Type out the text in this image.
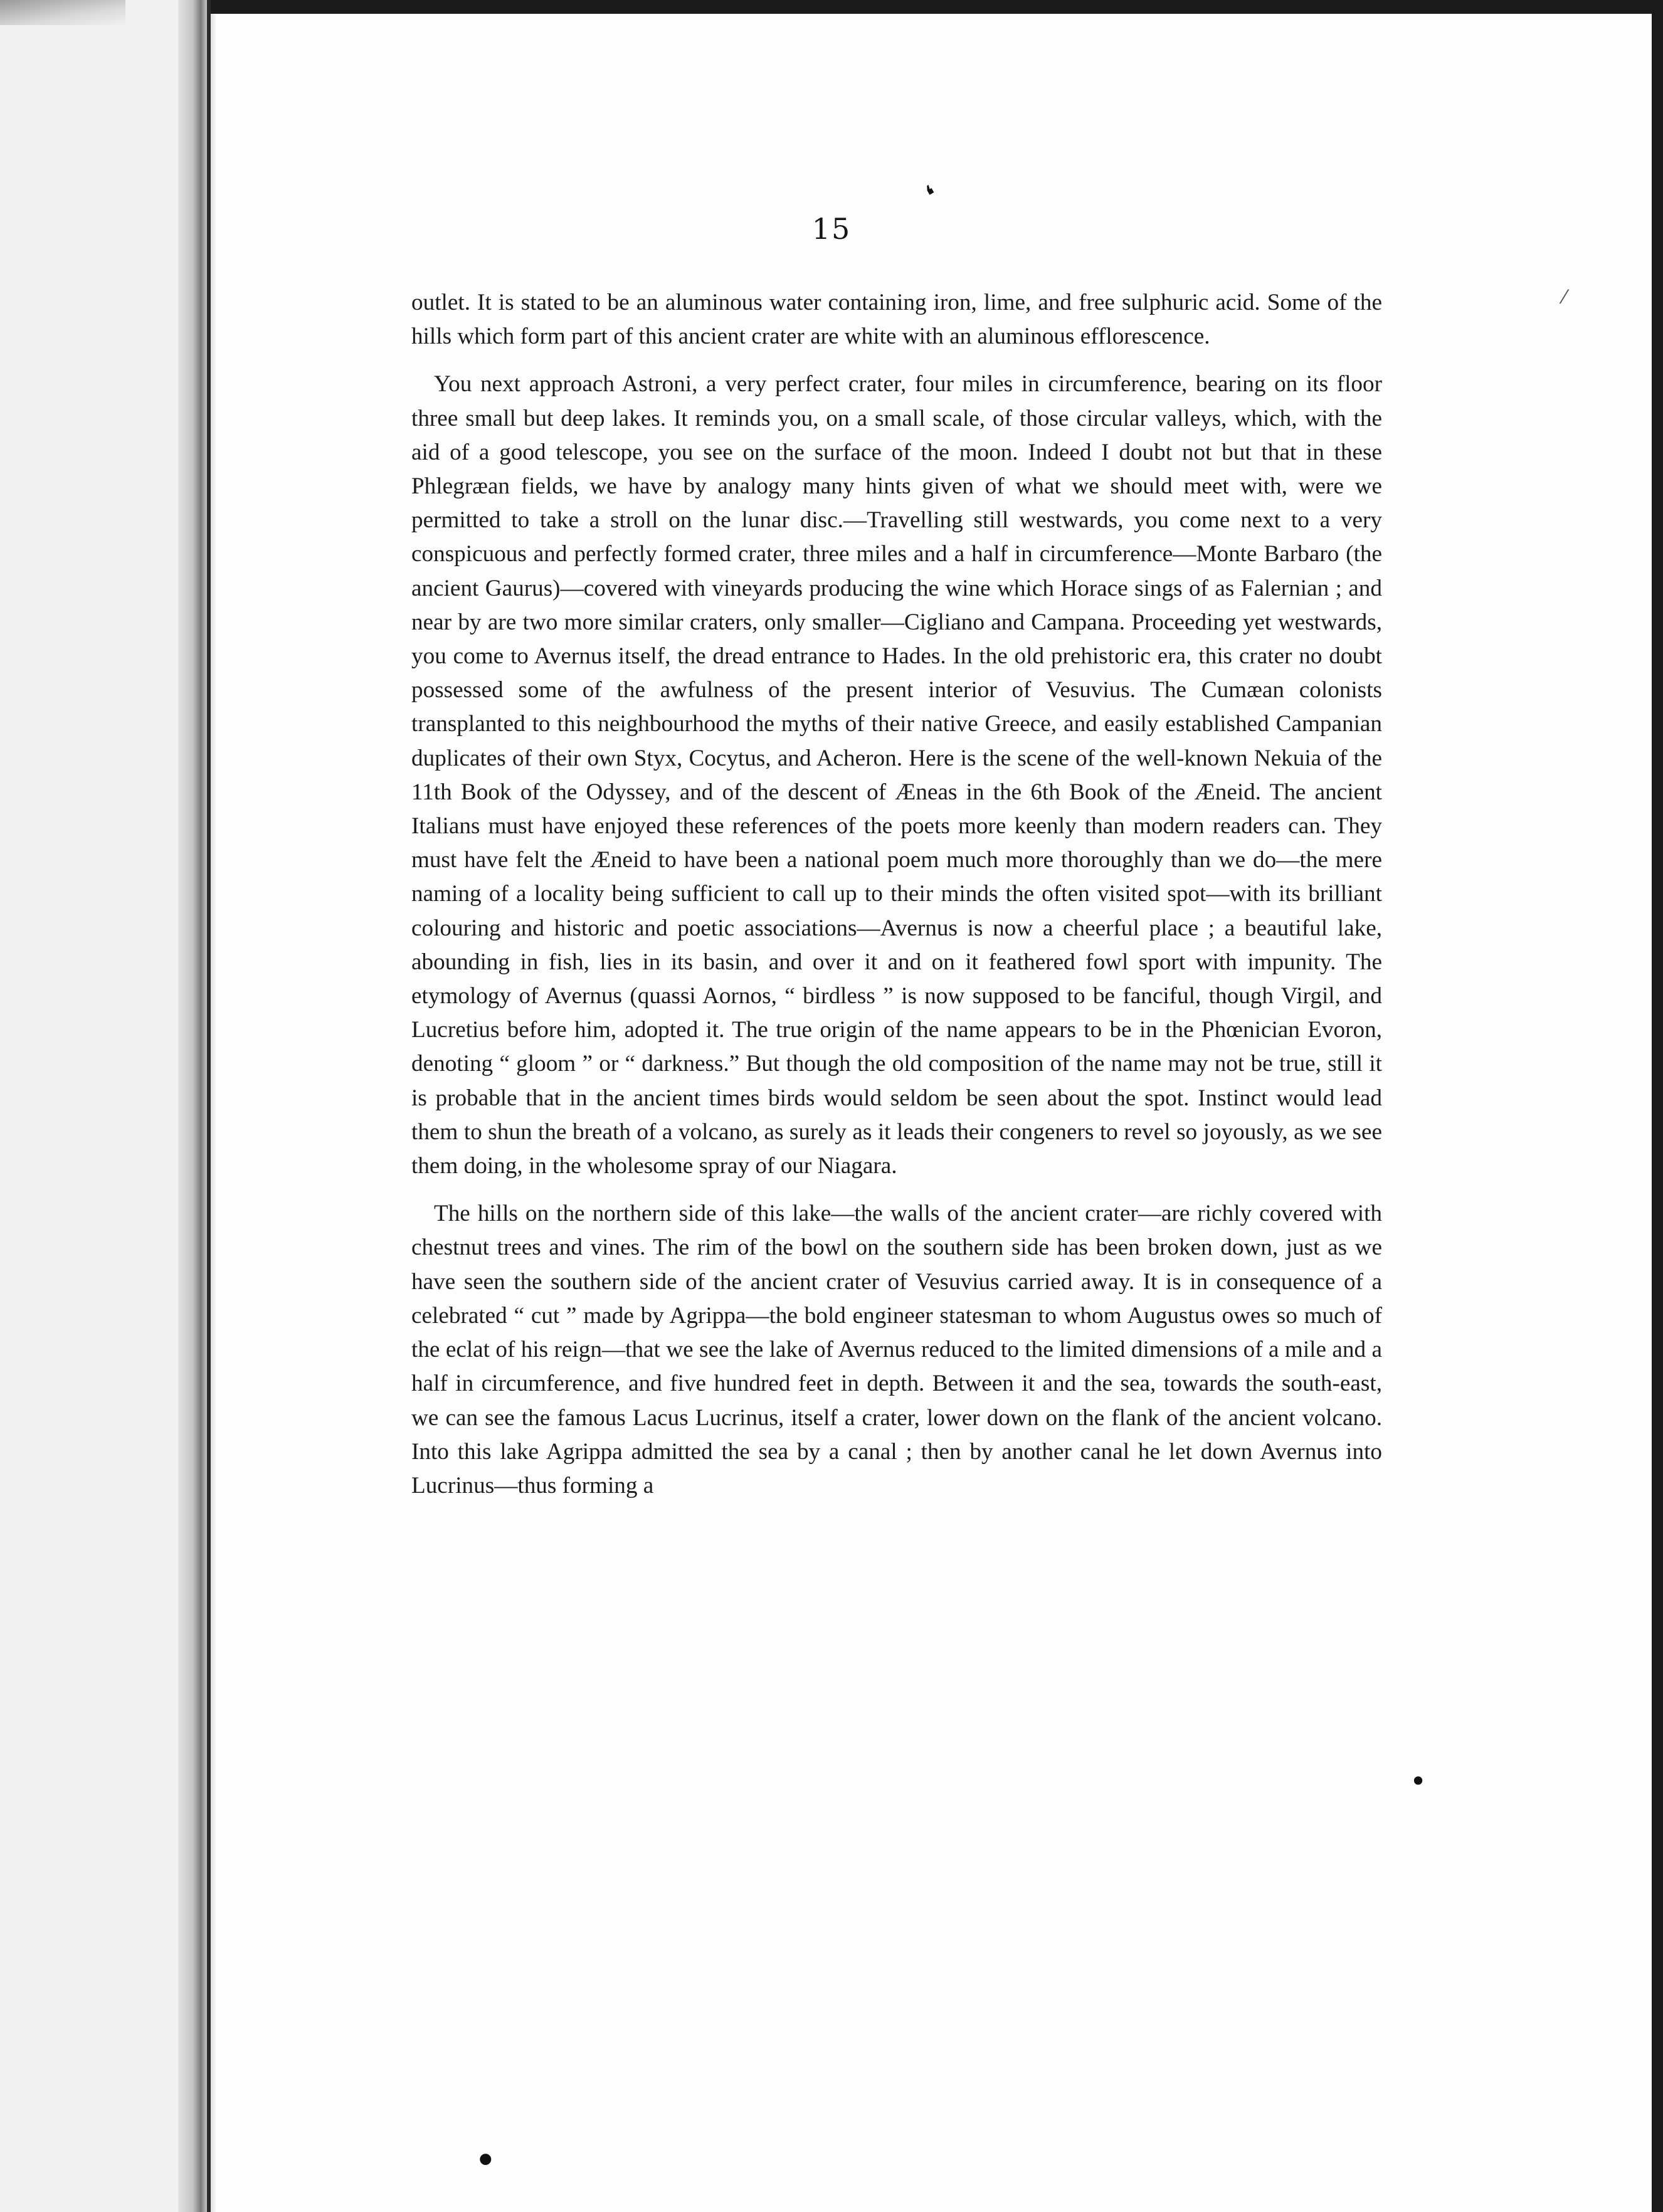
❛
⁄
•
•
15

outlet. It is stated to be an aluminous water containing iron, lime, and free sulphuric acid. Some of the hills which form part of this ancient crater are white with an aluminous efflorescence.

You next approach Astroni, a very perfect crater, four miles in circumference, bearing on its floor three small but deep lakes. It reminds you, on a small scale, of those circular valleys, which, with the aid of a good telescope, you see on the surface of the moon. Indeed I doubt not but that in these Phlegræan fields, we have by analogy many hints given of what we should meet with, were we permitted to take a stroll on the lunar disc.—Travelling still westwards, you come next to a very conspicuous and perfectly formed crater, three miles and a half in circumference—Monte Barbaro (the ancient Gaurus)—covered with vineyards producing the wine which Horace sings of as Falernian ; and near by are two more similar craters, only smaller—Cigliano and Campana. Proceeding yet westwards, you come to Avernus itself, the dread entrance to Hades. In the old prehistoric era, this crater no doubt possessed some of the awfulness of the present interior of Vesuvius. The Cumæan colonists transplanted to this neighbourhood the myths of their native Greece, and easily established Campanian duplicates of their own Styx, Cocytus, and Acheron. Here is the scene of the well-known Nekuia of the 11th Book of the Odyssey, and of the descent of Æneas in the 6th Book of the Æneid. The ancient Italians must have enjoyed these references of the poets more keenly than modern readers can. They must have felt the Æneid to have been a national poem much more thoroughly than we do—the mere naming of a locality being sufficient to call up to their minds the often visited spot—with its brilliant colouring and historic and poetic associations—Avernus is now a cheerful place ; a beautiful lake, abounding in fish, lies in its basin, and over it and on it feathered fowl sport with impunity. The etymology of Avernus (quassi Aornos, “ birdless ” is now supposed to be fanciful, though Virgil, and Lucretius before him, adopted it. The true origin of the name appears to be in the Phœnician Evoron, denoting “ gloom ” or “ darkness.” But though the old composition of the name may not be true, still it is probable that in the ancient times birds would seldom be seen about the spot. Instinct would lead them to shun the breath of a volcano, as surely as it leads their congeners to revel so joyously, as we see them doing, in the wholesome spray of our Niagara.

The hills on the northern side of this lake—the walls of the ancient crater—are richly covered with chestnut trees and vines. The rim of the bowl on the southern side has been broken down, just as we have seen the southern side of the ancient crater of Vesuvius carried away. It is in consequence of a celebrated “ cut ” made by Agrippa—the bold engineer statesman to whom Augustus owes so much of the eclat of his reign—that we see the lake of Avernus reduced to the limited dimensions of a mile and a half in circumference, and five hundred feet in depth. Between it and the sea, towards the south-east, we can see the famous Lacus Lucrinus, itself a crater, lower down on the flank of the ancient volcano. Into this lake Agrippa admitted the sea by a canal ; then by another canal he let down Avernus into Lucrinus—thus forming a
